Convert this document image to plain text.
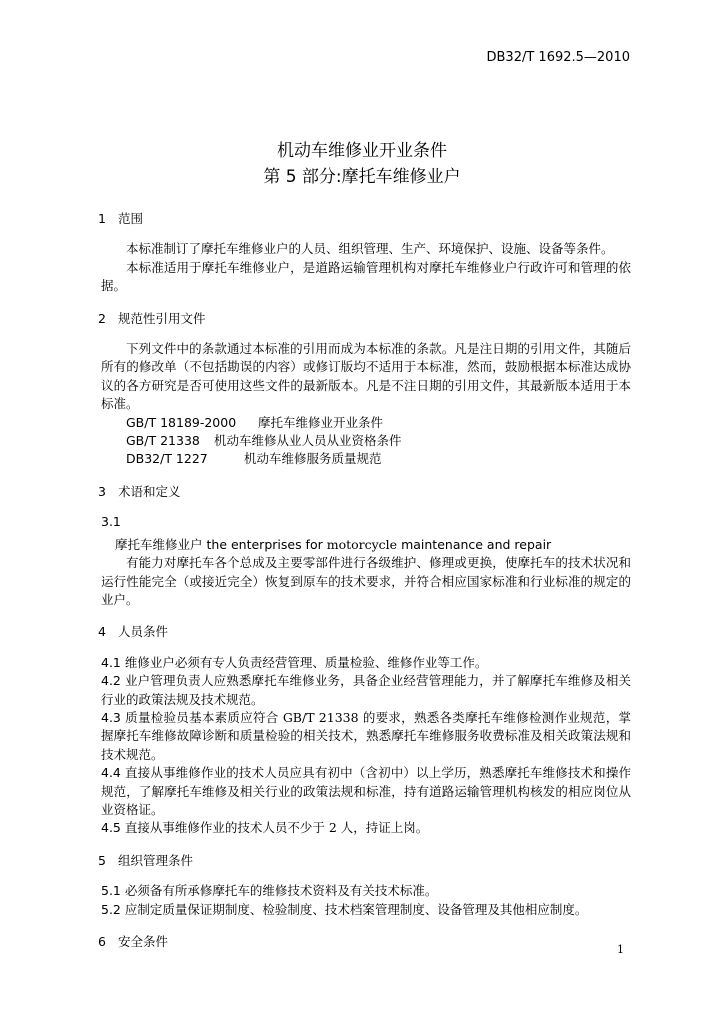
DB32/T 1692.5—2010
机动车维修业开业条件
第 5 部分:摩托车维修业户

1 范围

本标准制订了摩托车维修业户的人员、组织管理、生产、环境保护、设施、设备等条件。

本标准适用于摩托车维修业户，是道路运输管理机构对摩托车维修业户行政许可和管理的依据。

2 规范性引用文件

下列文件中的条款通过本标准的引用而成为本标准的条款。凡是注日期的引用文件，其随后所有的修改单（不包括勘误的内容）或修订版均不适用于本标准，然而，鼓励根据本标准达成协议的各方研究是否可使用这些文件的最新版本。凡是不注日期的引用文件，其最新版本适用于本标准。

GB/T 18189-2000 摩托车维修业开业条件

GB/T 21338 机动车维修从业人员从业资格条件

DB32/T 1227	机动车维修服务质量规范

3 术语和定义

3.1

摩托车维修业户 the enterprises for motorcycle maintenance and repair

有能力对摩托车各个总成及主要零部件进行各级维护、修理或更换，使摩托车的技术状况和运行性能完全（或接近完全）恢复到原车的技术要求，并符合相应国家标准和行业标准的规定的业户。

4 人员条件

4.1 维修业户必须有专人负责经营管理、质量检验、维修作业等工作。

4.2 业户管理负责人应熟悉摩托车维修业务，具备企业经营管理能力，并了解摩托车维修及相关行业的政策法规及技术规范。

4.3 质量检验员基本素质应符合 GB/T 21338 的要求，熟悉各类摩托车维修检测作业规范，掌握摩托车维修故障诊断和质量检验的相关技术，熟悉摩托车维修服务收费标准及相关政策法规和技术规范。

4.4 直接从事维修作业的技术人员应具有初中（含初中）以上学历，熟悉摩托车维修技术和操作规范，了解摩托车维修及相关行业的政策法规和标准，持有道路运输管理机构核发的相应岗位从业资格证。

4.5 直接从事维修作业的技术人员不少于 2 人，持证上岗。

5 组织管理条件

5.1 必须备有所承修摩托车的维修技术资料及有关技术标准。

5.2 应制定质量保证期制度、检验制度、技术档案管理制度、设备管理及其他相应制度。

6 安全条件

1
